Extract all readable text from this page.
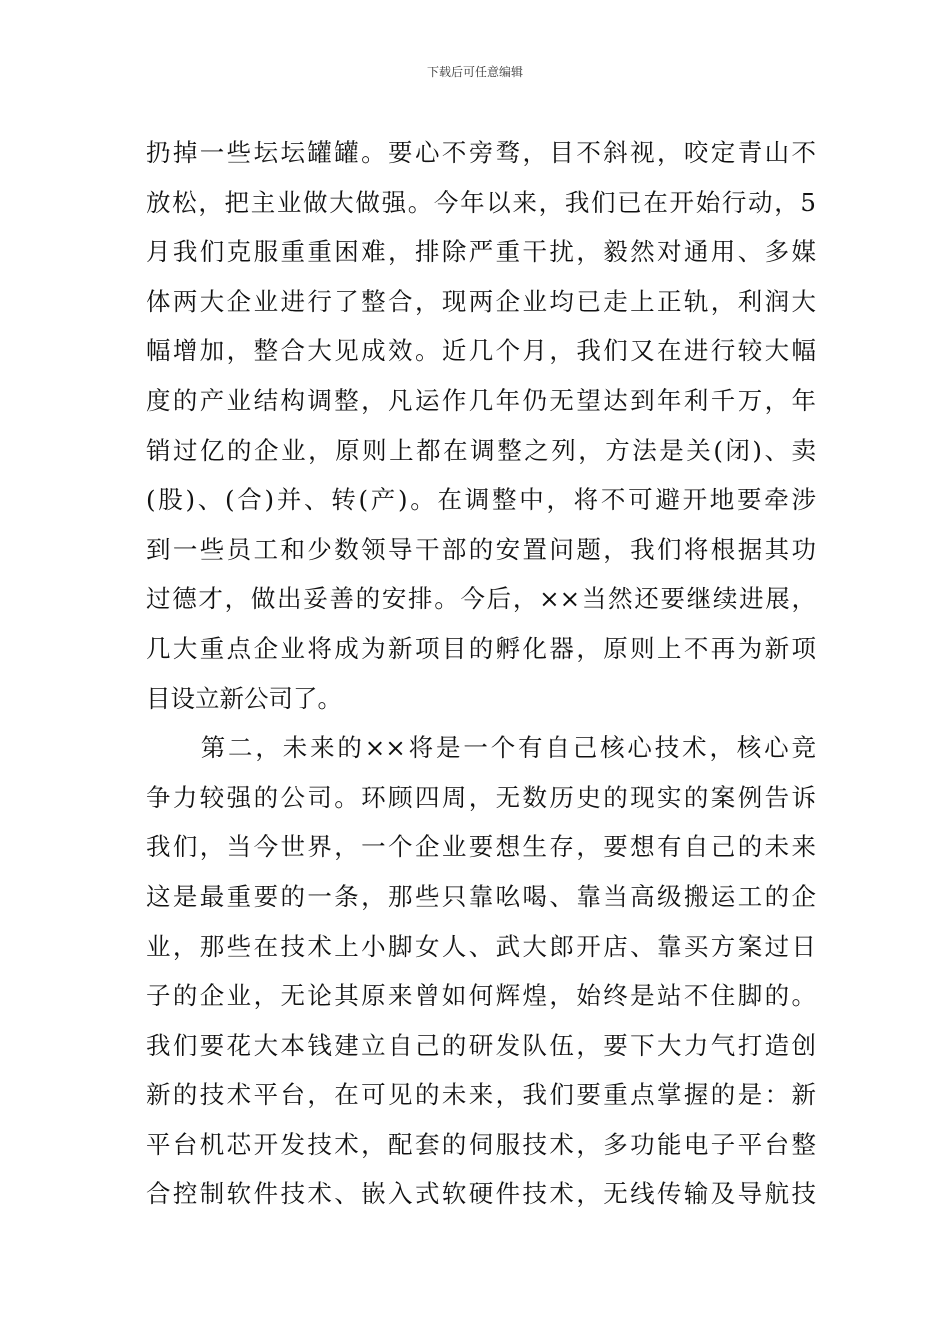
下载后可任意编辑
扔掉一些坛坛罐罐。要心不旁骛，目不斜视，咬定青山不
放松，把主业做大做强。今年以来，我们已在开始行动，5
月我们克服重重困难，排除严重干扰，毅然对通用、多媒
体两大企业进行了整合，现两企业均已走上正轨，利润大
幅增加，整合大见成效。近几个月，我们又在进行较大幅
度的产业结构调整，凡运作几年仍无望达到年利千万，年
销过亿的企业，原则上都在调整之列，方法是关(闭)、卖
(股)、(合)并、转(产)。在调整中，将不可避开地要牵涉
到一些员工和少数领导干部的安置问题，我们将根据其功
过德才，做出妥善的安排。今后，××当然还要继续进展，
几大重点企业将成为新项目的孵化器，原则上不再为新项
目设立新公司了。
　　第二，未来的××将是一个有自己核心技术，核心竞
争力较强的公司。环顾四周，无数历史的现实的案例告诉
我们，当今世界，一个企业要想生存，要想有自己的未来
这是最重要的一条，那些只靠吆喝、靠当高级搬运工的企
业，那些在技术上小脚女人、武大郎开店、靠买方案过日
子的企业，无论其原来曾如何辉煌，始终是站不住脚的。
我们要花大本钱建立自己的研发队伍，要下大力气打造创
新的技术平台，在可见的未来，我们要重点掌握的是：新
平台机芯开发技术，配套的伺服技术，多功能电子平台整
合控制软件技术、嵌入式软硬件技术，无线传输及导航技
